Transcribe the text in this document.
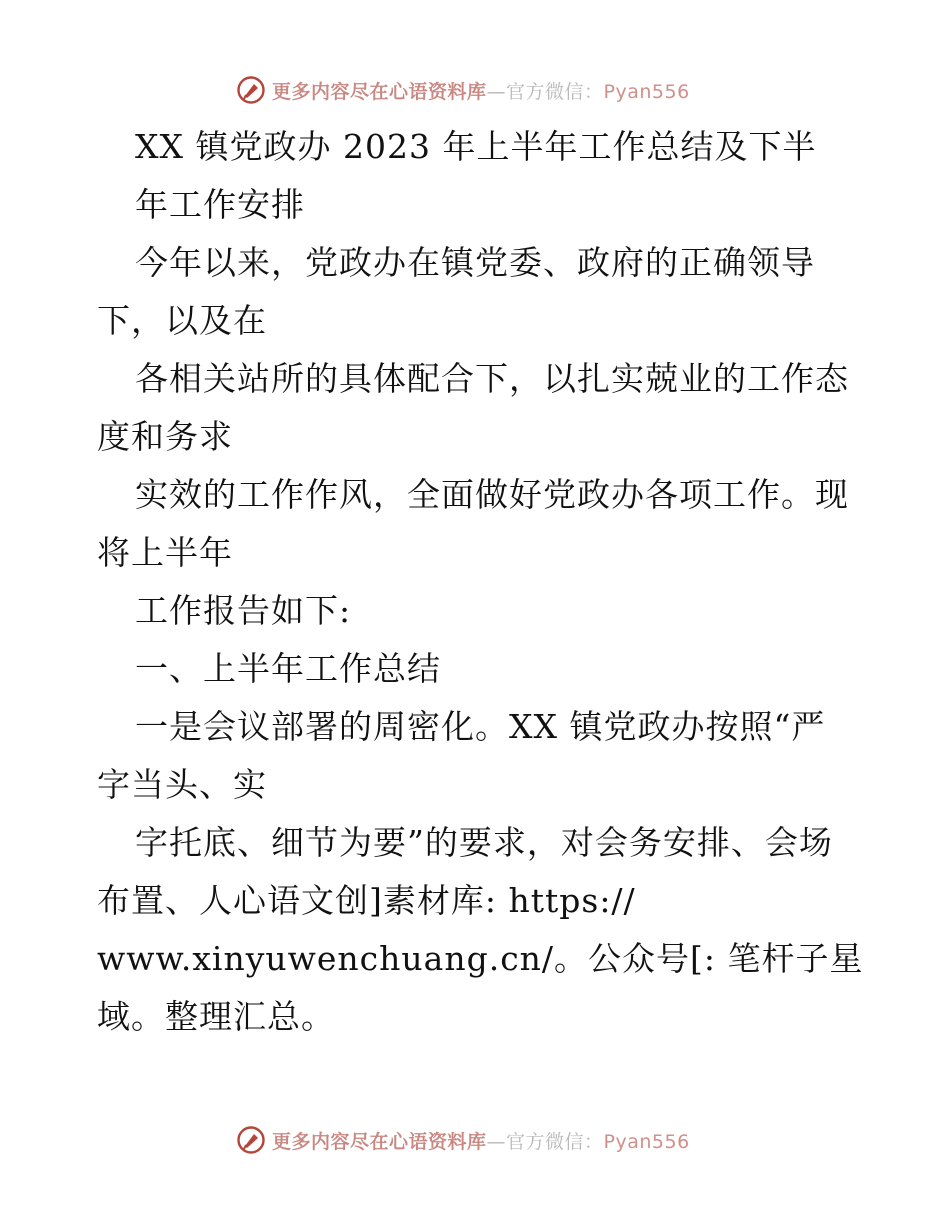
更多内容尽在心语资料库—官方微信：Pyan556
XX 镇党政办 2023 年上半年工作总结及下半
年工作安排
今年以来，党政办在镇党委、政府的正确领导
下，以及在
各相关站所的具体配合下，以扎实兢业的工作态
度和务求
实效的工作作风，全面做好党政办各项工作。现
将上半年
工作报告如下:
一、上半年工作总结
一是会议部署的周密化。XX 镇党政办按照“严
字当头、实
字托底、细节为要”的要求，对会务安排、会场
布置、人心语文创]素材库: https://
www.xinyuwenchuang.cn/。公众号[: 笔杆子星
域。整理汇总。
更多内容尽在心语资料库—官方微信：Pyan556
